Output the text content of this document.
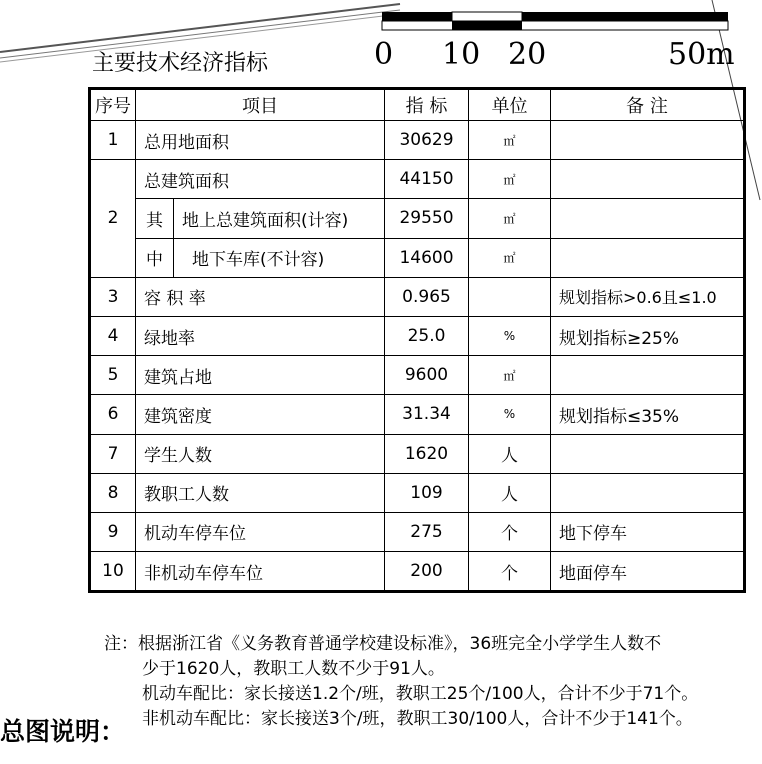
0 10 20	50m
主要技术经济指标
序号	项目		指 标	单位	备 注
1	总用地面积		30629	㎡	
2	总建筑面积		44150	㎡	
	其	地上总建筑面积(计容)	29550	㎡	
	中	地下车库(不计容)	14600	㎡	
3	容 积 率		0.965		规划指标>0.6且≤1.0
4	绿地率		25.0	%	规划指标≥25%
5	建筑占地		9600	㎡	
6	建筑密度		31.34	%	规划指标≤35%
7	学生人数		1620	人	
8	教职工人数		109	人	
9	机动车停车位		275	个	地下停车
10	非机动车停车位		200	个	地面停车
注：根据浙江省《义务教育普通学校建设标准》，36班完全小学学生人数不
少于1620人，教职工人数不少于91人。
机动车配比：家长接送1.2个/班，教职工25个/100人，合计不少于71个。
非机动车配比：家长接送3个/班，教职工30/100人，合计不少于141个。
总图说明：
